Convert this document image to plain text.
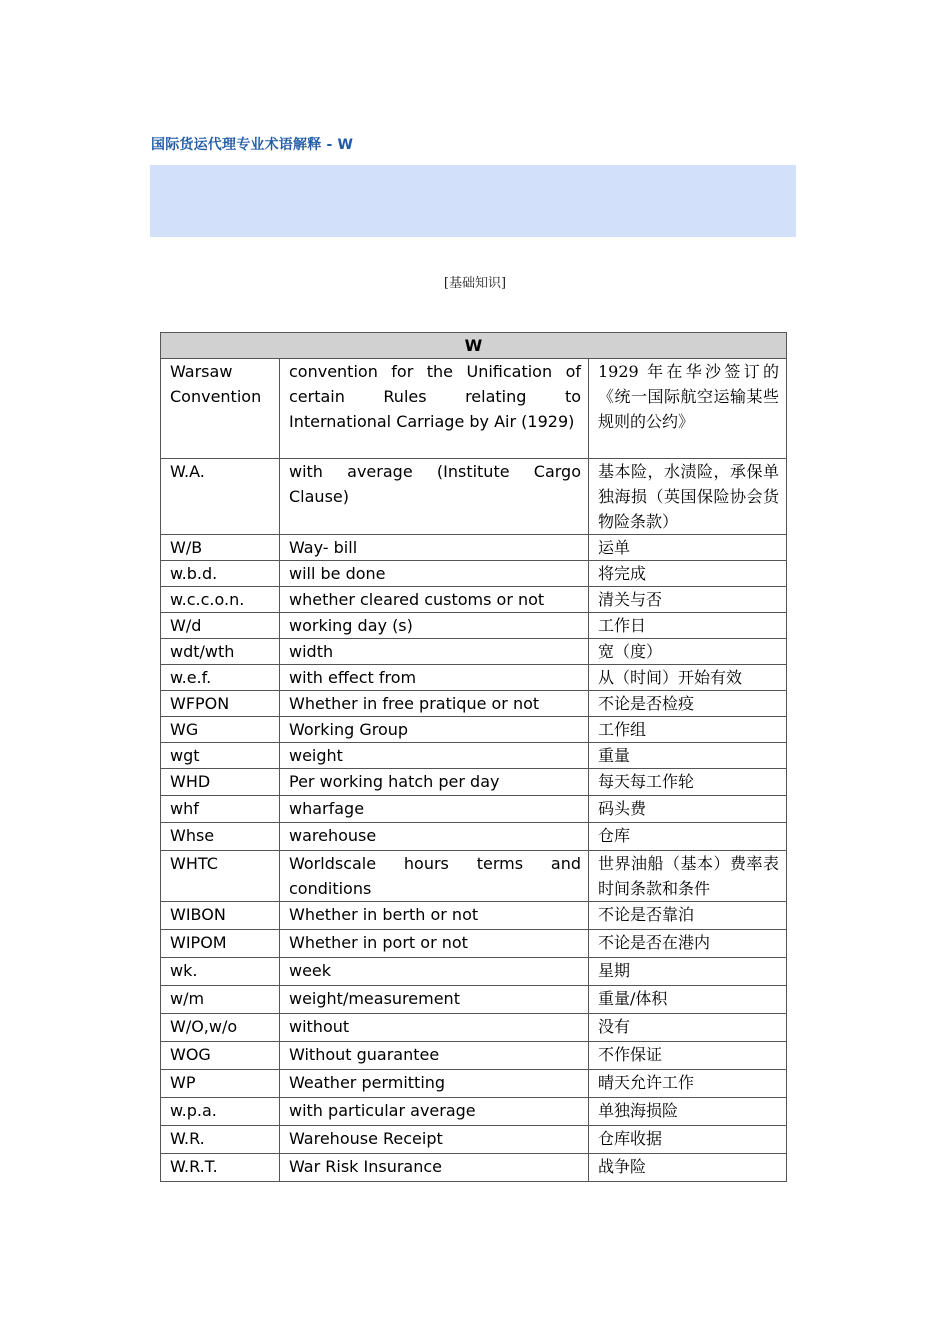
国际货运代理专业术语解释 - W
[基础知识]
W		
Warsaw Convention	convention for the Unification of certain Rules relating to International Carriage by Air (1929)	1929 年在华沙签订的《统一国际航空运输某些规则的公约》
W.A.	with average (Institute Cargo Clause)	基本险，水渍险，承保单独海损（英国保险协会货物险条款）
W/B	Way- bill	运单
w.b.d.	will be done	将完成
w.c.c.o.n.	whether cleared customs or not	清关与否
W/d	working day (s)	工作日
wdt/wth	width	宽（度）
w.e.f.	with effect from	从（时间）开始有效
WFPON	Whether in free pratique or not	不论是否检疫
WG	Working Group	工作组
wgt	weight	重量
WHD	Per working hatch per day	每天每工作轮
whf	wharfage	码头费
Whse	warehouse	仓库
WHTC	Worldscale hours terms and conditions	世界油船（基本）费率表时间条款和条件
WIBON	Whether in berth or not	不论是否靠泊
WIPOM	Whether in port or not	不论是否在港内
wk.	week	星期
w/m	weight/measurement	重量/体积
W/O,w/o	without	没有
WOG	Without guarantee	不作保证
WP	Weather permitting	晴天允许工作
w.p.a.	with particular average	单独海损险
W.R.	Warehouse Receipt	仓库收据
W.R.T.	War Risk Insurance	战争险
